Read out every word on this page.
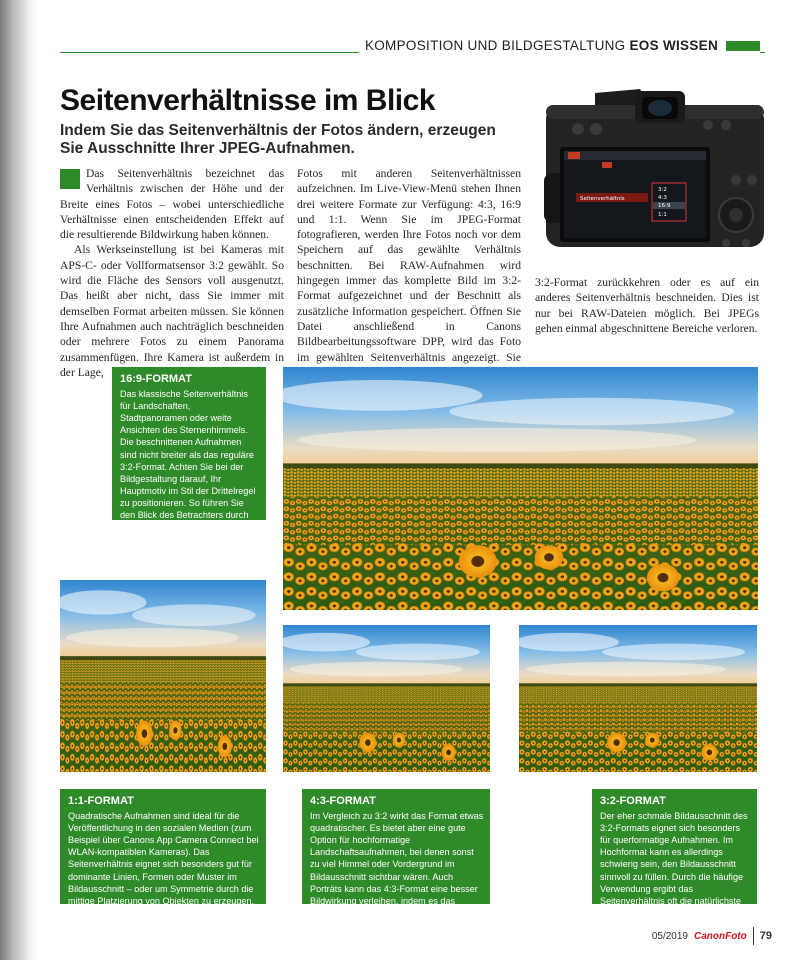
KOMPOSITION UND BILDGESTALTUNG EOS WISSEN
Seitenverhältnisse im Blick
Indem Sie das Seitenverhältnis der Fotos ändern, erzeugen Sie Ausschnitte Ihrer JPEG-Aufnahmen.

Das Seitenverhältnis bezeichnet das Verhältnis zwischen der Höhe und der Breite eines Fotos – wobei unterschiedliche Verhältnisse einen entscheidenden Effekt auf die resultierende Bildwirkung haben können.

Als Werkseinstellung ist bei Kameras mit APS-C- oder Vollformatsensor 3:2 gewählt. So wird die Fläche des Sensors voll ausgenutzt. Das heißt aber nicht, dass Sie immer mit demselben Format arbeiten müssen. Sie können Ihre Aufnahmen auch nachträglich beschneiden oder mehrere Fotos zu einem Panorama zusammenfügen. Ihre Kamera ist außerdem in der Lage,

Fotos mit anderen Seitenverhältnissen aufzeichnen. Im Live-View-Menü stehen Ihnen drei weitere Formate zur Verfügung: 4:3, 16:9 und 1:1. Wenn Sie im JPEG-Format fotografieren, werden Ihre Fotos noch vor dem Speichern auf das gewählte Verhältnis beschnitten. Bei RAW-Aufnahmen wird hingegen immer das komplette Bild im 3:2-Format aufgezeichnet und der Beschnitt als zusätzliche Information gespeichert. Öffnen Sie Datei anschließend in Canons Bildbearbeitungssoftware DPP, wird das Foto im gewählten Seitenverhältnis angezeigt. Sie

3:2-Format zurückkehren oder es auf ein anderes Seitenverhältnis beschneiden. Dies ist nur bei RAW-Dateien möglich. Bei JPEGs gehen einmal abgeschnittene Bereiche verloren.

Seitenverhältnis
3:2
4:3
16:9
1:1
16:9-FORMAT
Das klassische Seitenverhältnis für Landschaften, Stadtpanoramen oder weite Ansichten des Sternenhimmels. Die beschnittenen Aufnahmen sind nicht breiter als das reguläre 3:2-Format. Achten Sie bei der Bildgestaltung darauf, Ihr Hauptmotiv im Stil der Drittelregel zu positionieren. So führen Sie den Blick des Betrachters durch das gesamte Foto.
1:1-FORMAT
Quadratische Aufnahmen sind ideal für die Veröffentlichung in den sozialen Medien (zum Beispiel über Canons App Camera Connect bei WLAN-kompatiblen Kameras). Das Seitenverhältnis eignet sich besonders gut für dominante Linien, Formen oder Muster im Bildausschnitt – oder um Symmetrie durch die mittige Platzierung von Objekten zu erzeugen.
4:3-FORMAT
Im Vergleich zu 3:2 wirkt das Format etwas quadratischer. Es bietet aber eine gute Option für hochformatige Landschaftsaufnahmen, bei denen sonst zu viel Himmel oder Vordergrund im Bildausschnitt sichtbar wären. Auch Porträts kann das 4:3-Format eine besser Bildwirkung verleihen, indem es das Hauptmotiv hervorhebt.
3:2-FORMAT
Der eher schmale Bildausschnitt des 3:2-Formats eignet sich besonders für querformatige Aufnahmen. Im Hochformat kann es allerdings schwierig sein, den Bildausschnitt sinnvoll zu füllen. Durch die häufige Verwendung ergibt das Seitenverhältnis oft die natürlichste Bildwirkung.
05/2019 CanonFoto 79
